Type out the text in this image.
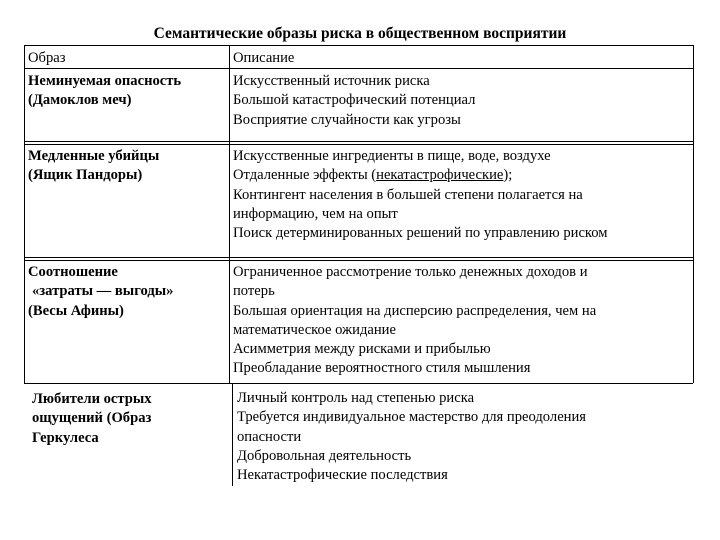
Семантические образы риска в общественном восприятии
Образ	Описание
Неминуемая опасность
(Дамоклов меч)
Искусственный источник риска
Большой катастрофический потенциал
Восприятие случайности как угрозы
Медленные убийцы
(Ящик Пандоры)
Искусственные ингредиенты в пище, воде, воздухе
Отдаленные эффекты (некатастрофические);
Контингент населения в большей степени полагается на
информацию, чем на опыт
Поиск детерминированных решений по управлению риском
Соотношение
«затраты — выгоды»
(Весы Афины)
Ограниченное рассмотрение только денежных доходов и
потерь
Большая ориентация на дисперсию распределения, чем на
математическое ожидание
Асимметрия между рисками и прибылью
Преобладание вероятностного стиля мышления
Любители острых
ощущений (Образ
Геркулеса
Личный контроль над степенью риска
Требуется индивидуальное мастерство для преодоления
опасности
Добровольная деятельность
Некатастрофические последствия
